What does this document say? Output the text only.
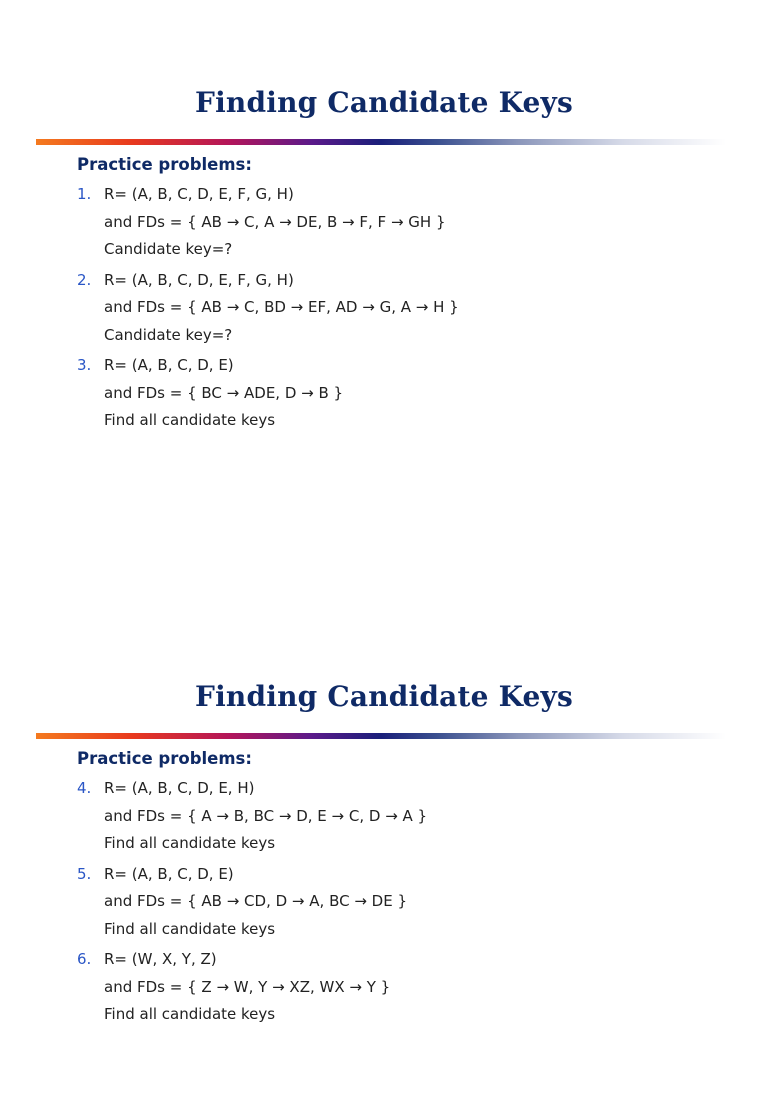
Finding Candidate Keys
Practice problems:
1. R= (A, B, C, D, E, F, G, H)
and FDs = { AB → C, A → DE, B → F, F → GH }
Candidate key=?
2. R= (A, B, C, D, E, F, G, H)
and FDs = { AB → C, BD → EF, AD → G, A → H }
Candidate key=?
3. R= (A, B, C, D, E)
and FDs = { BC → ADE, D → B }
Find all candidate keys
Finding Candidate Keys
Practice problems:
4. R= (A, B, C, D, E, H)
and FDs = { A → B, BC → D, E → C, D → A }
Find all candidate keys
5. R= (A, B, C, D, E)
and FDs = { AB → CD, D → A, BC → DE }
Find all candidate keys
6. R= (W, X, Y, Z)
and FDs = { Z → W, Y → XZ, WX → Y }
Find all candidate keys
